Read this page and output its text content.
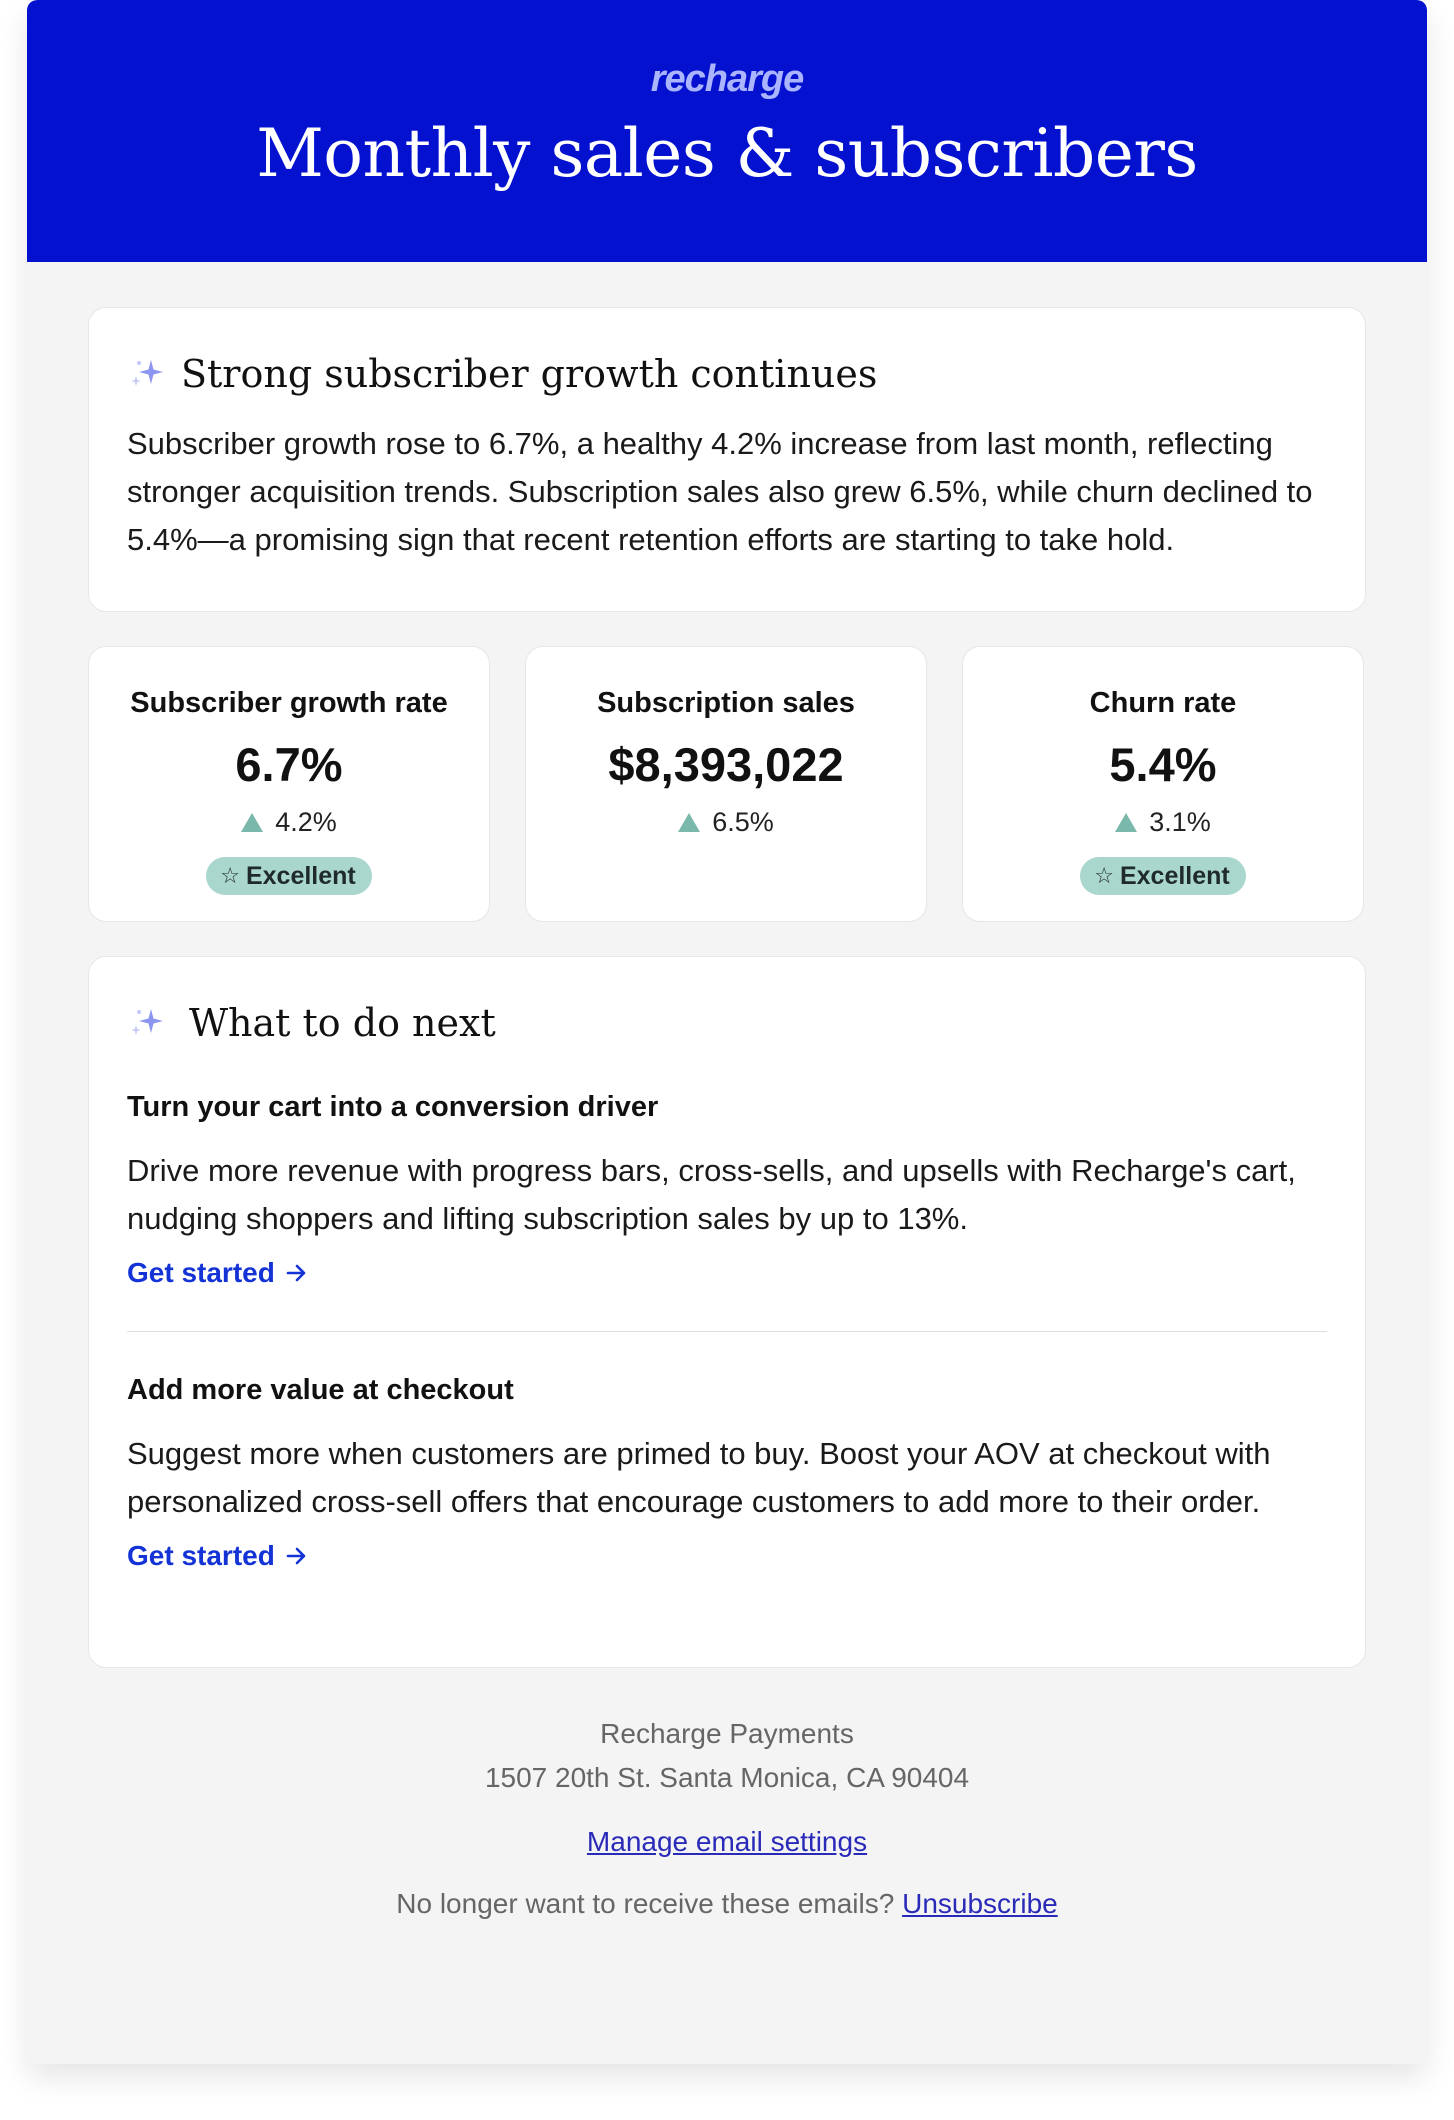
recharge
Monthly sales & subscribers
Strong subscriber growth continues

Subscriber growth rose to 6.7%, a healthy 4.2% increase from last month, reflecting stronger acquisition trends. Subscription sales also grew 6.5%, while churn declined to 5.4%—a promising sign that recent retention efforts are starting to take hold.

Subscriber growth rate
6.7%
4.2%
☆ Excellent
Subscription sales
$8,393,022
6.5%
Churn rate
5.4%
3.1%
☆ Excellent
What to do next
Turn your cart into a conversion driver
Drive more revenue with progress bars, cross-sells, and upsells with Recharge's cart, nudging shoppers and lifting subscription sales by up to 13%.
Get started
Add more value at checkout
Suggest more when customers are primed to buy. Boost your AOV at checkout with personalized cross-sell offers that encourage customers to add more to their order.
Get started
Recharge Payments
1507 20th St. Santa Monica, CA 90404
Manage email settings
No longer want to receive these emails? Unsubscribe
